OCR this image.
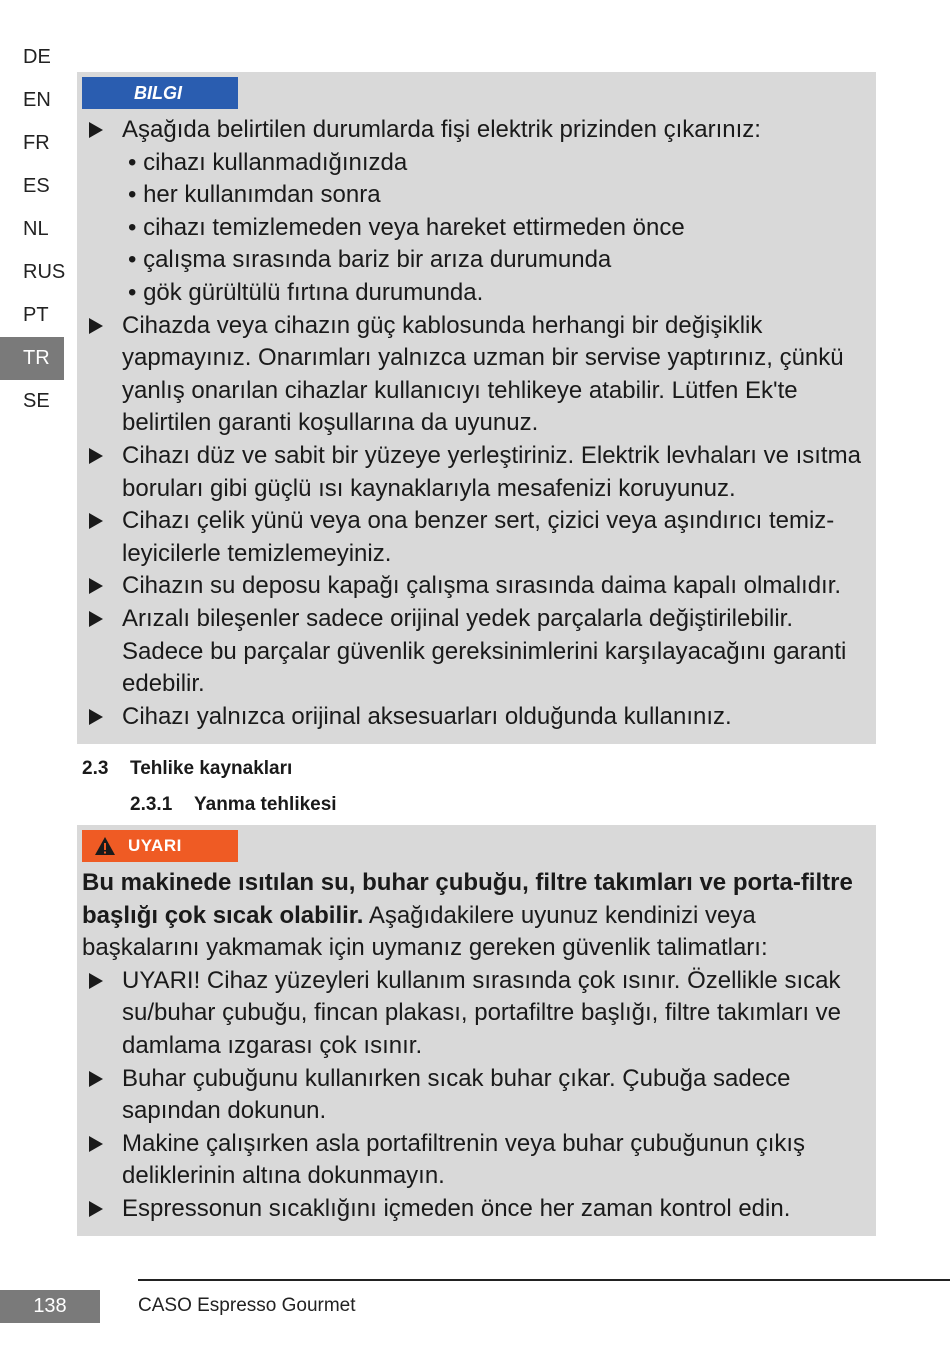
DE
EN
FR
ES
NL
RUS
PT
TR
SE
BILGI
Aşağıda belirtilen durumlarda fişi elektrik prizinden çıkarınız:
• cihazı kullanmadığınızda
• her kullanımdan sonra
• cihazı temizlemeden veya hareket ettirmeden önce
• çalışma sırasında bariz bir arıza durumunda
• gök gürültülü fırtına durumunda.
Cihazda veya cihazın güç kablosunda herhangi bir değişiklik yapmayınız. Onarımları yalnızca uzman bir servise yaptırınız, çünkü yanlış onarılan cihazlar kullanıcıyı tehlikeye atabilir. Lütfen Ek'te belirtilen garanti koşullarına da uyunuz.
Cihazı düz ve sabit bir yüzeye yerleştiriniz. Elektrik levhaları ve ısıtma boruları gibi güçlü ısı kaynaklarıyla mesafenizi koruyunuz.
Cihazı çelik yünü veya ona benzer sert, çizici veya aşındırıcı temiz-leyicilerle temizlemeyiniz.
Cihazın su deposu kapağı çalışma sırasında daima kapalı olmalıdır.
Arızalı bileşenler sadece orijinal yedek parçalarla değiştirilebilir. Sadece bu parçalar güvenlik gereksinimlerini karşılayacağını garanti edebilir.
Cihazı yalnızca orijinal aksesuarları olduğunda kullanınız.
2.3 Tehlike kaynakları
2.3.1 Yanma tehlikesi
UYARI
Bu makinede ısıtılan su, buhar çubuğu, filtre takımları ve porta-filtre başlığı çok sıcak olabilir. Aşağıdakilere uyunuz kendinizi veya başkalarını yakmamak için uymanız gereken güvenlik talimatları:
UYARI! Cihaz yüzeyleri kullanım sırasında çok ısınır. Özellikle sıcak su/buhar çubuğu, fincan plakası, portafiltre başlığı, filtre takımları ve damlama ızgarası çok ısınır.
Buhar çubuğunu kullanırken sıcak buhar çıkar. Çubuğa sadece sapından dokunun.
Makine çalışırken asla portafiltrenin veya buhar çubuğunun çıkış deliklerinin altına dokunmayın.
Espressonun sıcaklığını içmeden önce her zaman kontrol edin.
138	CASO Espresso Gourmet
